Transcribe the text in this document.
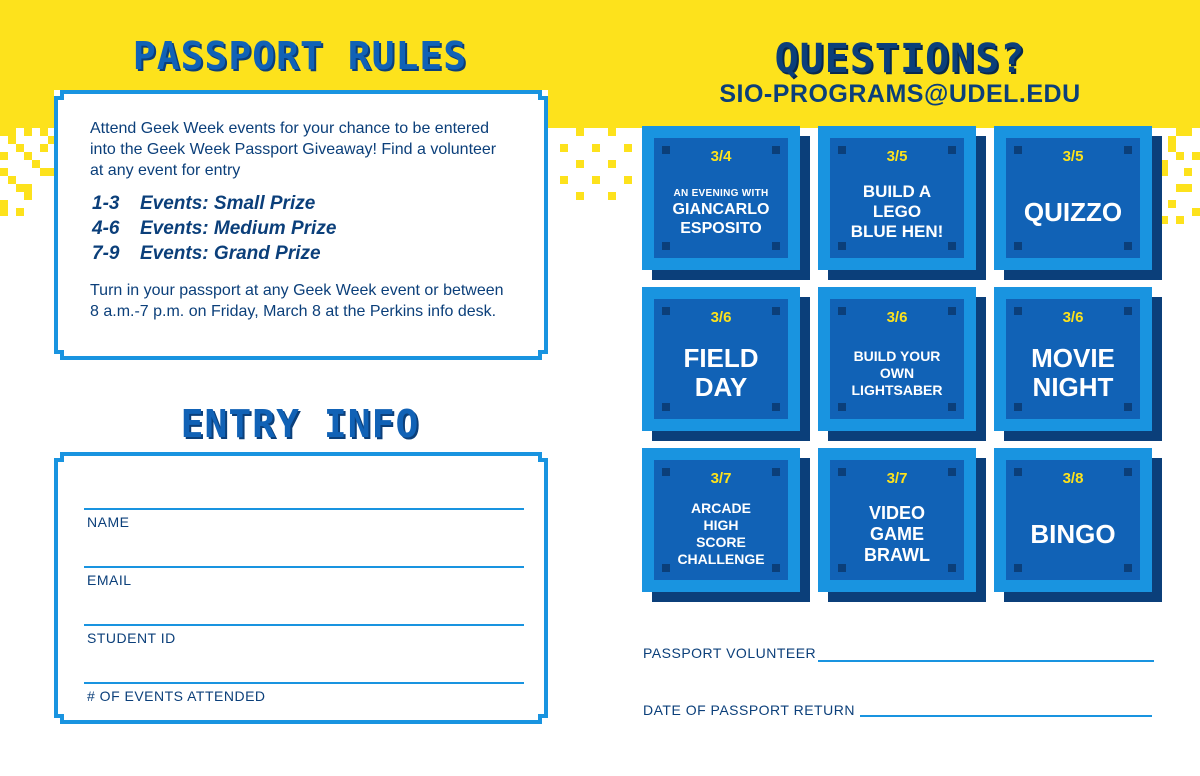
PASSPORT RULES

Attend Geek Week events for your chance to be entered into the Geek Week Passport Giveaway! Find a volunteer at any event for entry

1-3 Events: Small Prize
4-6 Events: Medium Prize
7-9 Events: Grand Prize

Turn in your passport at any Geek Week event or between 8 a.m.-7 p.m. on Friday, March 8 at the Perkins info desk.

ENTRY INFO
NAME
EMAIL
STUDENT ID
# OF EVENTS ATTENDED
QUESTIONS?
SIO-PROGRAMS@UDEL.EDU
3/4
AN EVENING WITH
GIANCARLO
ESPOSITO
3/5
BUILD A
LEGO
BLUE HEN!
3/5
QUIZZO
3/6
FIELD
DAY
3/6
BUILD YOUR
OWN
LIGHTSABER
3/6
MOVIE
NIGHT
3/7
ARCADE
HIGH
SCORE
CHALLENGE
3/7
VIDEO
GAME
BRAWL
3/8
BINGO
PASSPORT VOLUNTEER
DATE OF PASSPORT RETURN
